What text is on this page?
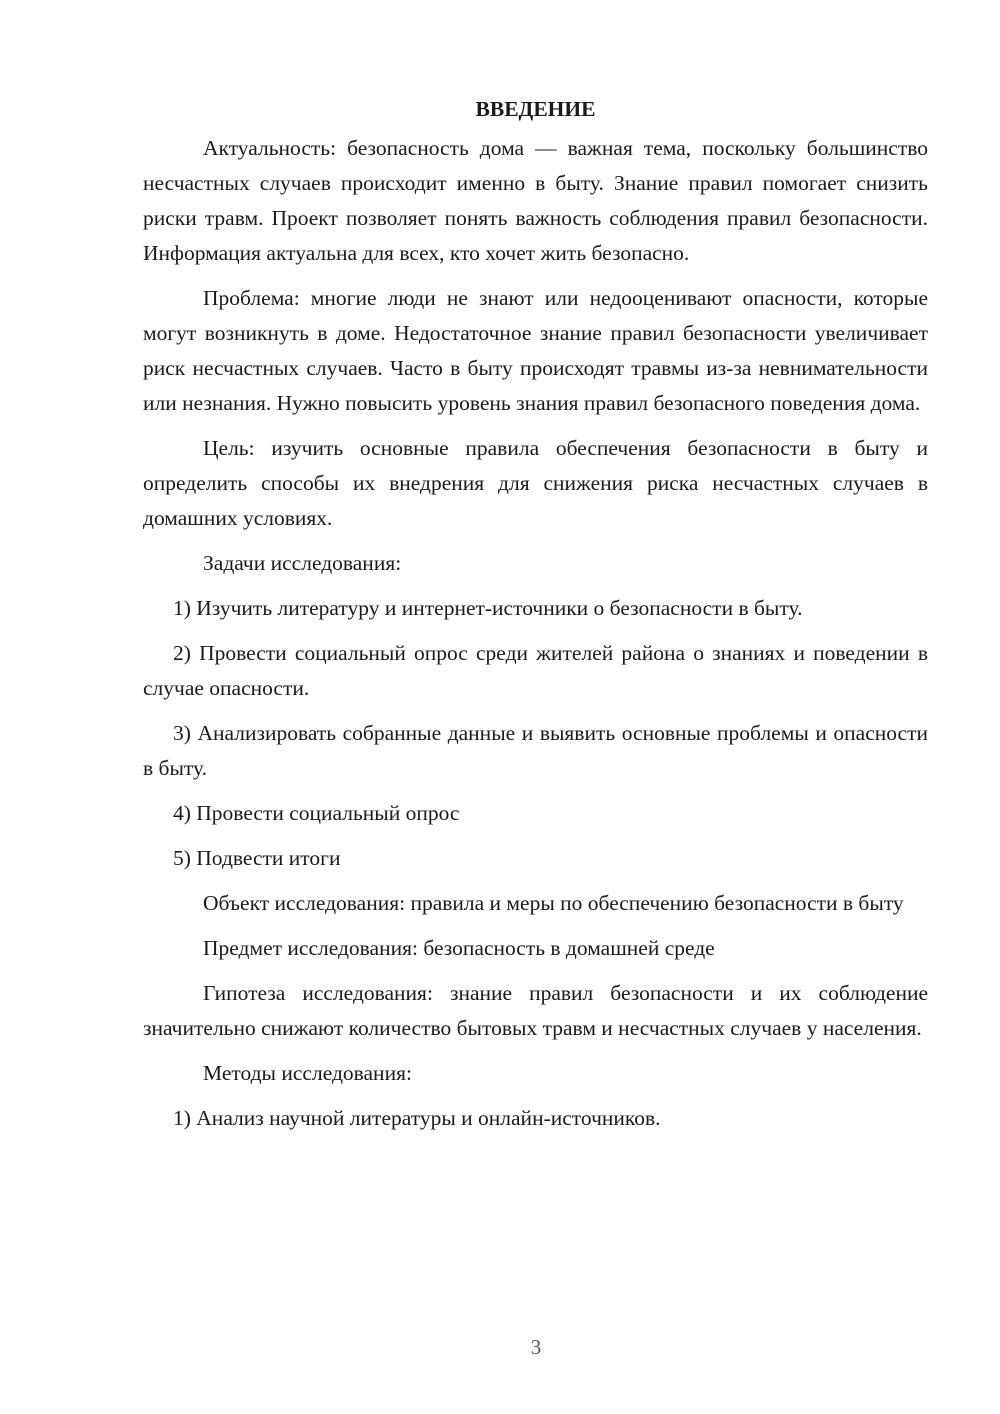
ВВЕДЕНИЕ

Актуальность: безопасность дома — важная тема, поскольку большинство несчастных случаев происходит именно в быту. Знание правил помогает снизить риски травм. Проект позволяет понять важность соблюдения правил безопасности. Информация актуальна для всех, кто хочет жить безопасно.

Проблема: многие люди не знают или недооценивают опасности, которые могут возникнуть в доме. Недостаточное знание правил безопасности увеличивает риск несчастных случаев. Часто в быту происходят травмы из-за невнимательности или незнания. Нужно повысить уровень знания правил безопасного поведения дома.

Цель: изучить основные правила обеспечения безопасности в быту и определить способы их внедрения для снижения риска несчастных случаев в домашних условиях.

Задачи исследования:

1) Изучить литературу и интернет-источники о безопасности в быту.

2) Провести социальный опрос среди жителей района о знаниях и поведении в случае опасности.

3) Анализировать собранные данные и выявить основные проблемы и опасности в быту.

4) Провести социальный опрос

5) Подвести итоги

Объект исследования: правила и меры по обеспечению безопасности в быту

Предмет исследования: безопасность в домашней среде

Гипотеза исследования: знание правил безопасности и их соблюдение значительно снижают количество бытовых травм и несчастных случаев у населения.

Методы исследования:

1) Анализ научной литературы и онлайн-источников.

3
